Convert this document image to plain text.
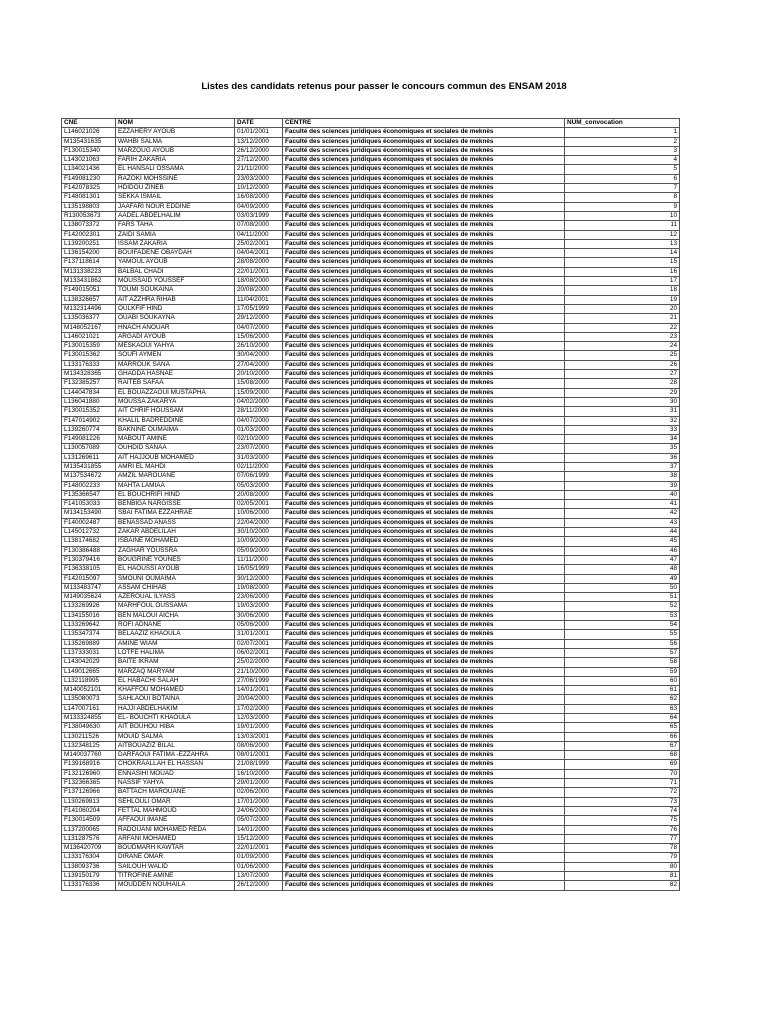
Listes des candidats retenus pour passer le concours commun des ENSAM 2018
CNE	NOM	DATE	CENTRE	NUM_convocation
L146021026	EZZAHERY AYOUB	01/01/2001	Faculté des sciences juridiques économiques et sociales de meknès	1
M135431635	WAHBI SALMA	13/12/2000	Faculté des sciences juridiques économiques et sociales de meknès	2
F130015340	MARZOUG AYOUB	26/12/2000	Faculté des sciences juridiques économiques et sociales de meknès	3
L143021063	FARIH ZAKARIA	27/12/2000	Faculté des sciences juridiques économiques et sociales de meknès	4
L134021436	EL HANSALI OSSAMA	21/11/2000	Faculté des sciences juridiques économiques et sociales de meknès	5
F149081230	RAZOKI MOHSSINE	23/03/2000	Faculté des sciences juridiques économiques et sociales de meknès	6
F142078325	HDIDOU ZINEB	10/12/2000	Faculté des sciences juridiques économiques et sociales de meknès	7
F148081301	SEKKA ISMAIL	16/08/2000	Faculté des sciences juridiques économiques et sociales de meknès	8
L135198803	JAAFARI NOUR EDDINE	04/09/2000	Faculté des sciences juridiques économiques et sociales de meknès	9
R130053673	AADEL ABDELHALIM	03/03/1999	Faculté des sciences juridiques économiques et sociales de meknès	10
L138073372	FARS TAHA	07/08/2000	Faculté des sciences juridiques économiques et sociales de meknès	11
F142002301	ZAIDI SAMIA	04/11/2000	Faculté des sciences juridiques économiques et sociales de meknès	12
L139200251	ISSAM ZAKARIA	25/02/2001	Faculté des sciences juridiques économiques et sociales de meknès	13
L136154200	BOUIFADENE OBAYDAH	04/04/2001	Faculté des sciences juridiques économiques et sociales de meknès	14
F137118614	YAMOUL AYOUB	28/08/2000	Faculté des sciences juridiques économiques et sociales de meknès	15
M131338223	BALBAL CHADI	22/01/2001	Faculté des sciences juridiques économiques et sociales de meknès	16
M133431862	MOUSSAID YOUSSEF	18/08/2000	Faculté des sciences juridiques économiques et sociales de meknès	17
F149015051	TOUMI SOUKAINA	20/08/2000	Faculté des sciences juridiques économiques et sociales de meknès	18
L138326657	AIT AZZHRA RIHAB	11/04/2001	Faculté des sciences juridiques économiques et sociales de meknès	19
M132314496	OULKFIF HIND	17/05/1999	Faculté des sciences juridiques économiques et sociales de meknès	20
L135036377	OUABI SOUKAYNA	29/12/2000	Faculté des sciences juridiques économiques et sociales de meknès	21
M148052167	HNACH ANOUAR	04/07/2000	Faculté des sciences juridiques économiques et sociales de meknès	22
L146021021	ARGADI AYOUB	15/06/2000	Faculté des sciences juridiques économiques et sociales de meknès	23
F130015359	MESKAOUI YAHYA	26/10/2000	Faculté des sciences juridiques économiques et sociales de meknès	24
F130015362	SOUFI AYMEN	30/04/2000	Faculté des sciences juridiques économiques et sociales de meknès	25
L133176333	MARROUK SANA	27/04/2000	Faculté des sciences juridiques économiques et sociales de meknès	26
M134328365	GHADDA HASNAE	20/10/2000	Faculté des sciences juridiques économiques et sociales de meknès	27
F132385257	RAITEB SAFAA	15/08/2000	Faculté des sciences juridiques économiques et sociales de meknès	28
L144047834	EL BOUAZZAOUI MUSTAPHA	15/09/2000	Faculté des sciences juridiques économiques et sociales de meknès	29
L136041880	MOUSSA ZAKARYA	04/02/2000	Faculté des sciences juridiques économiques et sociales de meknès	30
F130015352	AIT CHRIF HOUSSAM	28/11/2000	Faculté des sciences juridiques économiques et sociales de meknès	31
F147014902	KHALIL BADREDDINE	04/07/2000	Faculté des sciences juridiques économiques et sociales de meknès	32
L139260774	BAKNINE OUMAIMA	01/03/2000	Faculté des sciences juridiques économiques et sociales de meknès	33
F149081226	MABOUT AMINE	02/10/2000	Faculté des sciences juridiques économiques et sociales de meknès	34
L130057089	OUHDID SANAA	23/07/2000	Faculté des sciences juridiques économiques et sociales de meknès	35
L131269611	AIT HAJJOUB MOHAMED	31/03/2000	Faculté des sciences juridiques économiques et sociales de meknès	36
M135431855	AMRI EL MAHDI	02/11/2000	Faculté des sciences juridiques économiques et sociales de meknès	37
M137534672	AMZIL MAROUANE	07/06/1999	Faculté des sciences juridiques économiques et sociales de meknès	38
F148002233	MAHTA LAMIAA	05/03/2000	Faculté des sciences juridiques économiques et sociales de meknès	39
F135366547	EL BOUCHRIFI HIND	20/08/2000	Faculté des sciences juridiques économiques et sociales de meknès	40
F141053033	BENBIGA NARGISSE	02/05/2001	Faculté des sciences juridiques économiques et sociales de meknès	41
M134153490	SBAI FATIMA EZZAHRAE	10/06/2000	Faculté des sciences juridiques économiques et sociales de meknès	42
F140002487	BENASSAD ANASS	22/04/2000	Faculté des sciences juridiques économiques et sociales de meknès	43
L145012732	ZAKAR ABDELILAH	30/10/2000	Faculté des sciences juridiques économiques et sociales de meknès	44
L138174682	ISBAINE MOHAMED	10/09/2000	Faculté des sciences juridiques économiques et sociales de meknès	45
F130386488	ZAGHAR YOUSSRA	05/09/2000	Faculté des sciences juridiques économiques et sociales de meknès	46
F130379416	BOUGRINE YOUNES	11/11/2000	Faculté des sciences juridiques économiques et sociales de meknès	47
F136338105	EL HAOUSSI AYOUB	16/05/1999	Faculté des sciences juridiques économiques et sociales de meknès	48
F142015097	SMOUNI OUMAIMA	30/12/2000	Faculté des sciences juridiques économiques et sociales de meknès	49
M133483747	ASSAM CHIHAB	19/08/2000	Faculté des sciences juridiques économiques et sociales de meknès	50
M149035624	AZEROUAL ILYASS	23/06/2000	Faculté des sciences juridiques économiques et sociales de meknès	51
L133269926	MARHFOUL OUSSAMA	19/03/2000	Faculté des sciences juridiques économiques et sociales de meknès	52
L134155016	BEN MALOUI AICHA	30/06/2000	Faculté des sciences juridiques économiques et sociales de meknès	53
L133269642	ROFI ADNANE	05/06/2000	Faculté des sciences juridiques économiques et sociales de meknès	54
L135347374	BELAAZIZ KHAOULA	31/01/2001	Faculté des sciences juridiques économiques et sociales de meknès	55
L135269889	AMINE WIAM	02/07/2001	Faculté des sciences juridiques économiques et sociales de meknès	56
L137333031	LOTFE HALIMA	06/02/2001	Faculté des sciences juridiques économiques et sociales de meknès	57
L143042029	BAITE IKRAM	25/02/2000	Faculté des sciences juridiques économiques et sociales de meknès	58
L149012665	MARZAQ MARYAM	21/10/2000	Faculté des sciences juridiques économiques et sociales de meknès	59
L132118995	EL HABACHI SALAH	27/06/1999	Faculté des sciences juridiques économiques et sociales de meknès	60
M140052101	KHAFFOU MOHAMED	14/01/2001	Faculté des sciences juridiques économiques et sociales de meknès	61
L135080073	SAHLAOUI BOTAINA	20/04/2000	Faculté des sciences juridiques économiques et sociales de meknès	62
L147007161	HAJJI ABDELHAKIM	17/02/2000	Faculté des sciences juridiques économiques et sociales de meknès	63
M133324855	EL- BOUCHTI KHAOULA	12/03/2000	Faculté des sciences juridiques économiques et sociales de meknès	64
F138049630	AIT BOUHOU HIBA	19/01/2000	Faculté des sciences juridiques économiques et sociales de meknès	65
L130211526	MOUID SALMA	13/03/2001	Faculté des sciences juridiques économiques et sociales de meknès	66
L132348125	AITBOUAZIZ BILAL	08/06/2000	Faculté des sciences juridiques économiques et sociales de meknès	67
M140037760	DARFAOUI FATIMA -EZZAHRA	08/01/2001	Faculté des sciences juridiques économiques et sociales de meknès	68
F139168916	CHOKRAALLAH EL HASSAN	21/08/1999	Faculté des sciences juridiques économiques et sociales de meknès	69
F132126960	ENNASIHI MOUAD	16/10/2000	Faculté des sciences juridiques économiques et sociales de meknès	70
F132366365	NASSIF YAHYA	29/01/2000	Faculté des sciences juridiques économiques et sociales de meknès	71
F137126966	BATTACH MAROUANE	02/06/2000	Faculté des sciences juridiques économiques et sociales de meknès	72
L130269813	SEHLOULI OMAR	17/01/2000	Faculté des sciences juridiques économiques et sociales de meknès	73
F141060204	FETTAL MAHMOUD	24/06/2000	Faculté des sciences juridiques économiques et sociales de meknès	74
F130014509	AFFAOUI IMANE	05/07/2000	Faculté des sciences juridiques économiques et sociales de meknès	75
L137200065	RADOUANI MOHAMED REDA	14/01/2000	Faculté des sciences juridiques économiques et sociales de meknès	76
L131287576	ARFANI MOHAMED	15/12/2000	Faculté des sciences juridiques économiques et sociales de meknès	77
M136420709	BOUDMARH KAWTAR	22/01/2001	Faculté des sciences juridiques économiques et sociales de meknès	78
L133176304	DIRANE OMAR	01/09/2000	Faculté des sciences juridiques économiques et sociales de meknès	79
L138093736	SAILOUH WALID	01/06/2000	Faculté des sciences juridiques économiques et sociales de meknès	80
L139150179	TITROFINE AMINE	13/07/2000	Faculté des sciences juridiques économiques et sociales de meknès	81
L133176336	MOUDDEN NOUHAILA	26/12/2000	Faculté des sciences juridiques économiques et sociales de meknès	82
